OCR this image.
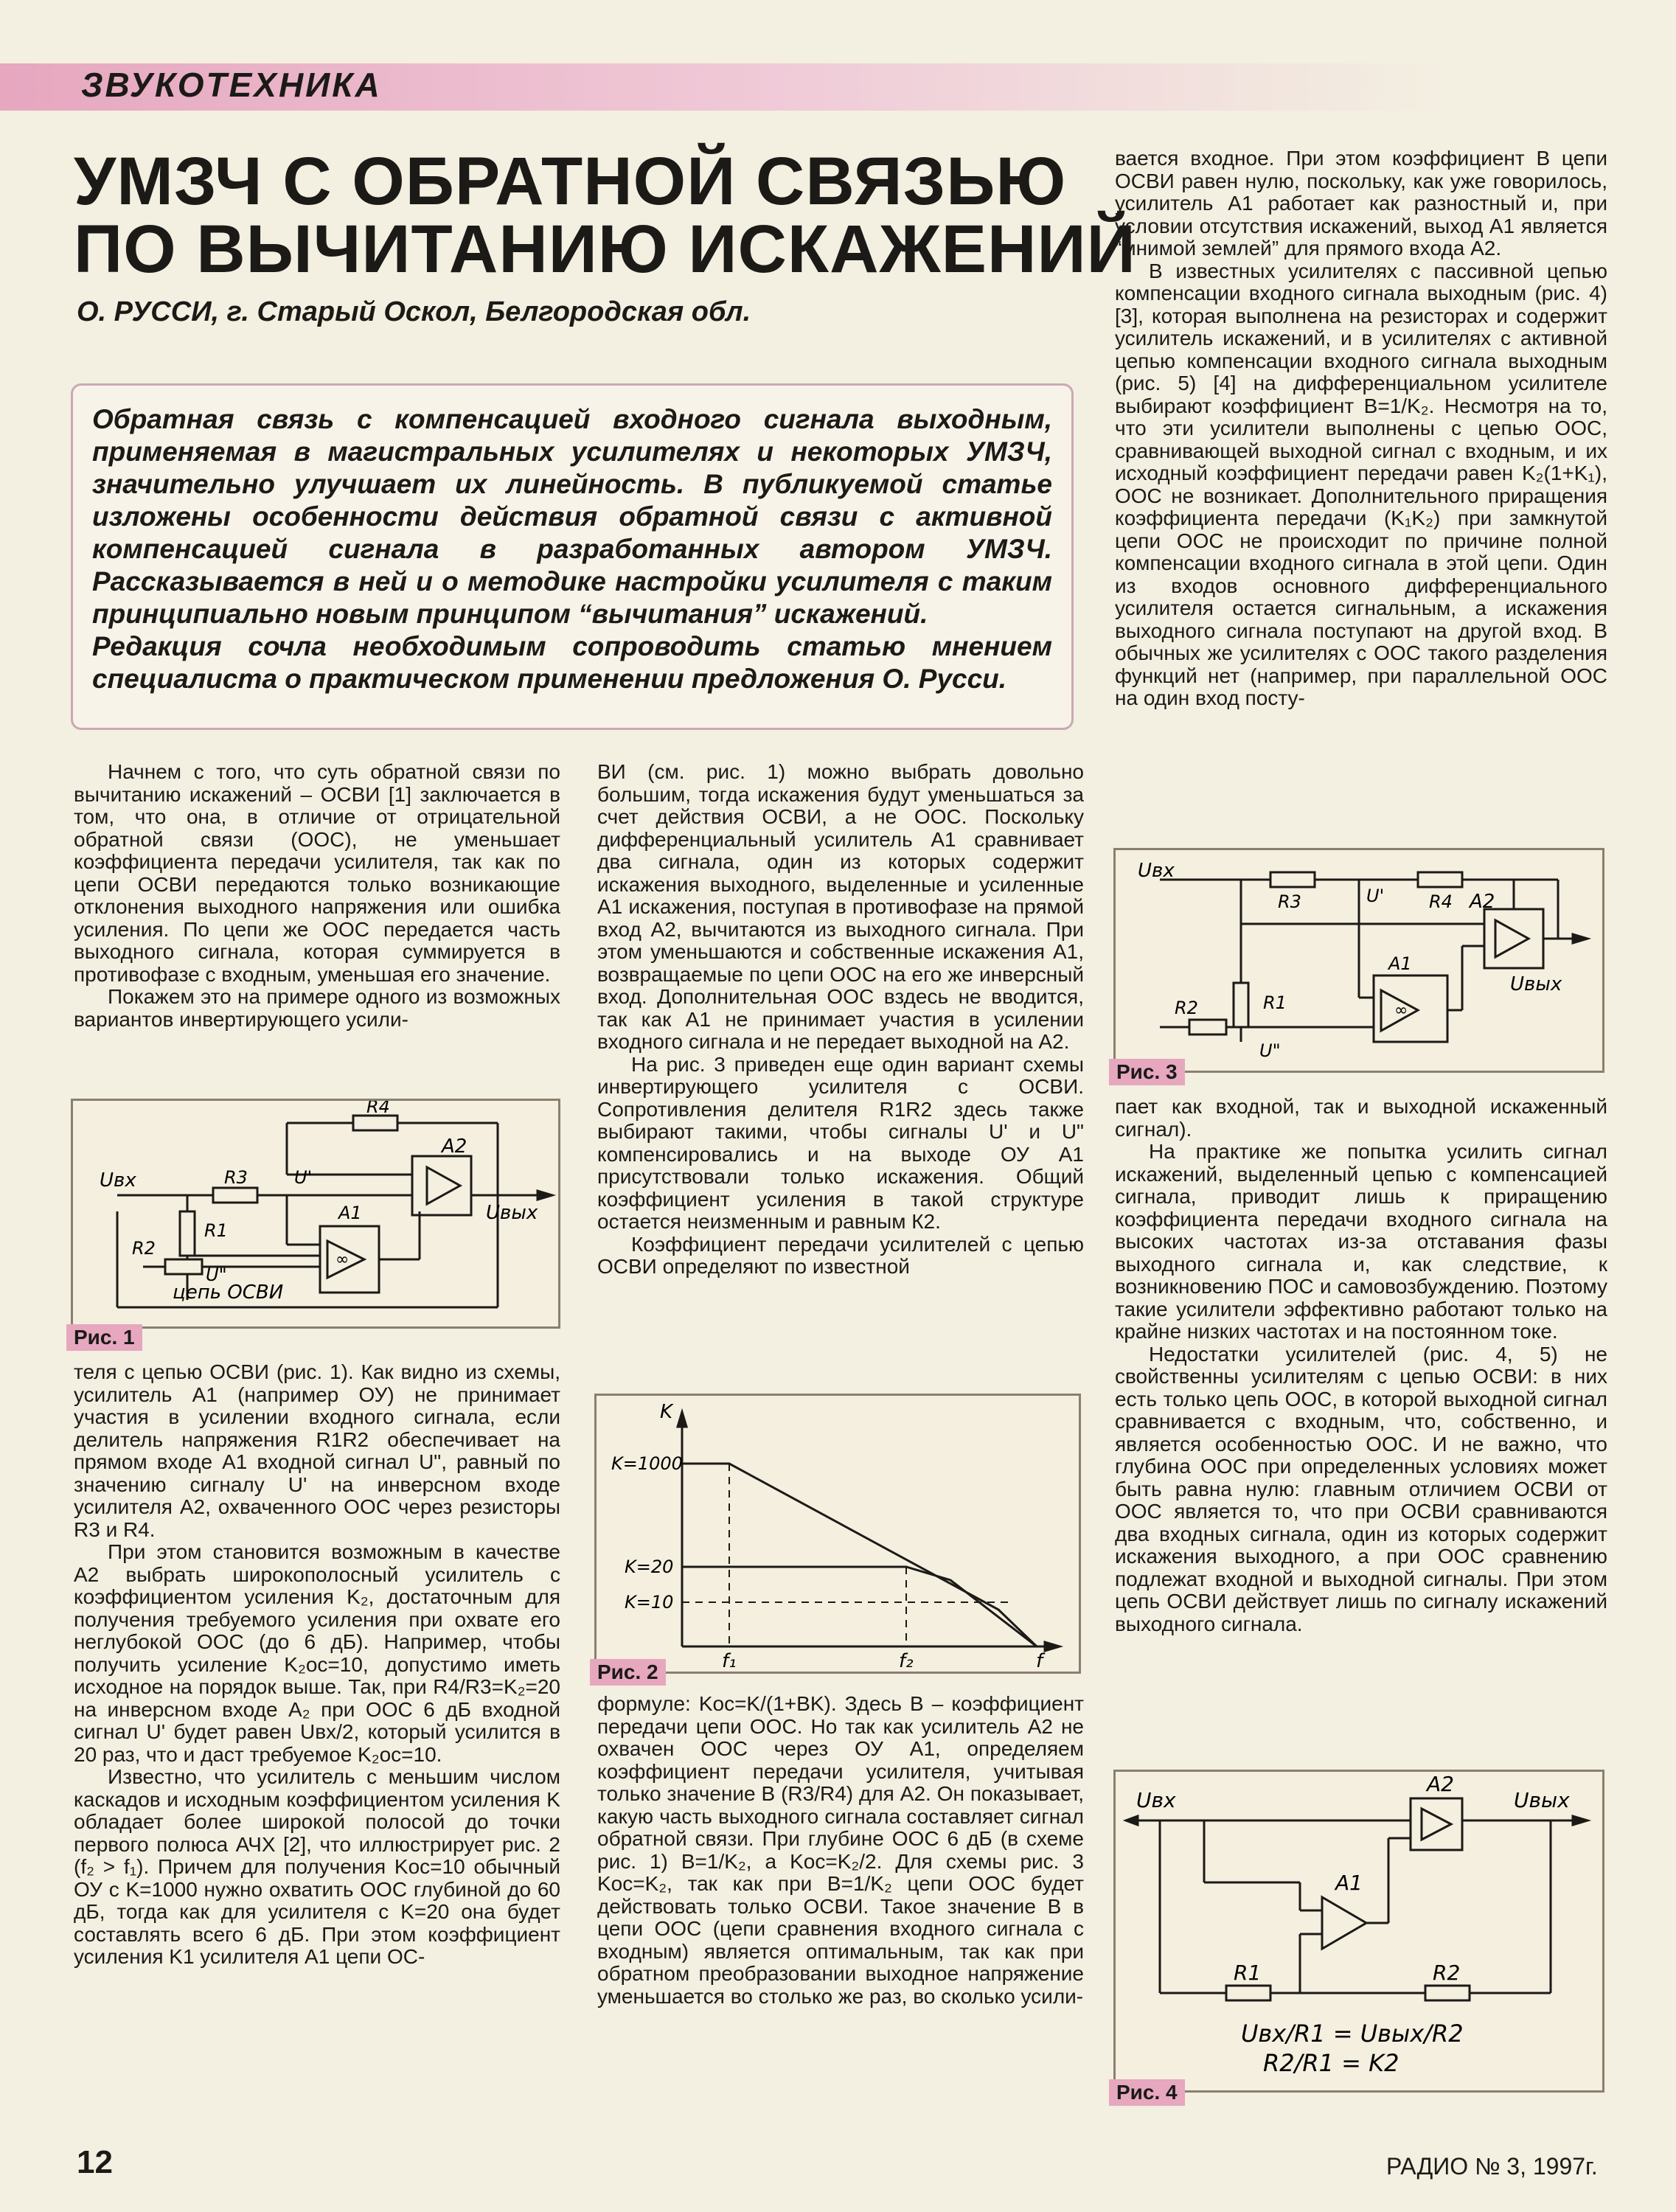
ЗВУКОТЕХНИКА
УМЗЧ С ОБРАТНОЙ СВЯЗЬЮ
ПО ВЫЧИТАНИЮ ИСКАЖЕНИЙ
О. РУССИ, г. Старый Оскол, Белгородская обл.

Обратная связь с компенсацией входного сигнала выходным, применяемая в магистральных усилителях и некоторых УМЗЧ, значительно улучшает их линейность. В публикуемой статье изложены особенности действия обратной связи с активной компенсацией сигнала в разработанных автором УМЗЧ. Рассказывается в ней и о методике настройки усилителя с таким принципиально новым принципом “вычитания” искажений.

Редакция сочла необходимым сопроводить статью мнением специалиста о практическом применении предложения О. Русси.

Начнем с того, что суть обратной связи по вычитанию искажений – ОСВИ [1] заключается в том, что она, в отличие от отрицательной обратной связи (ООС), не уменьшает коэффициента передачи усилителя, так как по цепи ОСВИ передаются только возникающие отклонения выходного напряжения или ошибка усиления. По цепи же ООС передается часть выходного сигнала, которая суммируется в противофазе с входным, уменьшая его значение.

Покажем это на примере одного из возможных вариантов инвертирующего усили-

R4
A2
R3	U'
Uвх
R1
A1
∞
Uвых
R2
U"
цепь ОСВИ
Рис. 1

теля с цепью ОСВИ (рис. 1). Как видно из схемы, усилитель А1 (например ОУ) не принимает участия в усилении входного сигнала, если делитель напряжения R1R2 обеспечивает на прямом входе А1 входной сигнал U", равный по значению сигналу U' на инверсном входе усилителя А2, охваченного ООС через резисторы R3 и R4.

При этом становится возможным в качестве А2 выбрать широкополосный усилитель с коэффициентом усиления K₂, достаточным для получения требуемого усиления при охвате его неглубокой ООС (до 6 дБ). Например, чтобы получить усиление K₂ос=10, допустимо иметь исходное на порядок выше. Так, при R4/R3=K₂=20 на инверсном входе A₂ при ООС 6 дБ входной сигнал U' будет равен Uвх/2, который усилится в 20 раз, что и даст требуемое K₂ос=10.

Известно, что усилитель с меньшим числом каскадов и исходным коэффициентом усиления K обладает более широкой полосой до точки первого полюса АЧХ [2], что иллюстрирует рис. 2 (f₂ > f₁). Причем для получения Kос=10 обычный ОУ с K=1000 нужно охватить ООС глубиной до 60 дБ, тогда как для усилителя с K=20 она будет составлять всего 6 дБ. При этом коэффициент усиления K1 усилителя А1 цепи ОС-

ВИ (см. рис. 1) можно выбрать довольно большим, тогда искажения будут уменьшаться за счет действия ОСВИ, а не ООС. Поскольку дифференциальный усилитель А1 сравнивает два сигнала, один из которых содержит искажения выходного, выделенные и усиленные А1 искажения, поступая в противофазе на прямой вход А2, вычитаются из выходного сигнала. При этом уменьшаются и собственные искажения А1, возвращаемые по цепи ООС на его же инверсный вход. Дополнительная ООС вздесь не вводится, так как А1 не принимает участия в усилении входного сигнала и не передает выходной на А2.

На рис. 3 приведен еще один вариант схемы инвертирующего усилителя с ОСВИ. Сопротивления делителя R1R2 здесь также выбирают такими, чтобы сигналы U' и U" компенсировались и на выходе ОУ А1 присутствовали только искажения. Общий коэффициент усиления в такой структуре остается неизменным и равным К2.

Коэффициент передачи усилителей с цепью ОСВИ определяют по известной

K
K=1000
K=20
K=10
f₁	f₂	f
Рис. 2

формуле: Kос=K/(1+BK). Здесь B – коэффициент передачи цепи ООС. Но так как усилитель А2 не охвачен ООС через ОУ А1, определяем коэффициент передачи усилителя, учитывая только значение B (R3/R4) для А2. Он показывает, какую часть выходного сигнала составляет сигнал обратной связи. При глубине ООС 6 дБ (в схеме рис. 1) B=1/K₂, а Kос=K₂/2. Для схемы рис. 3 Kос=K₂, так как при B=1/K₂ цепи ООС будет действовать только ОСВИ. Такое значение B в цепи ООС (цепи сравнения входного сигнала с входным) является оптимальным, так как при обратном преобразовании выходное напряжение уменьшается во столько же раз, во сколько усили-

вается входное. При этом коэффициент B цепи ОСВИ равен нулю, поскольку, как уже говорилось, усилитель А1 работает как разностный и, при условии отсутствия искажений, выход А1 является “мнимой землей” для прямого входа А2.

В известных усилителях с пассивной цепью компенсации входного сигнала выходным (рис. 4) [3], которая выполнена на резисторах и содержит усилитель искажений, и в усилителях с активной цепью компенсации входного сигнала выходным (рис. 5) [4] на дифференциальном усилителе выбирают коэффициент B=1/K₂. Несмотря на то, что эти усилители выполнены с цепью ООС, сравнивающей выходной сигнал с входным, и их исходный коэффициент передачи равен K₂(1+K₁), ООС не возникает. Дополнительного приращения коэффициента передачи (K₁K₂) при замкнутой цепи ООС не происходит по причине полной компенсации входного сигнала в этой цепи. Один из входов основного дифференциального усилителя остается сигнальным, а искажения выходного сигнала поступают на другой вход. В обычных же усилителях с ООС такого разделения функций нет (например, при параллельной ООС на один вход посту-

Uвх
R3	U'	R4 A2
R1
A1
∞
Uвых
R2
U"
Рис. 3

пает как входной, так и выходной искаженный сигнал).

На практике же попытка усилить сигнал искажений, выделенный цепью с компенсацией сигнала, приводит лишь к приращению коэффициента передачи входного сигнала на высоких частотах из-за отставания фазы выходного сигнала и, как следствие, к возникновению ПОС и самовозбуждению. Поэтому такие усилители эффективно работают только на крайне низких частотах и на постоянном токе.

Недостатки усилителей (рис. 4, 5) не свойственны усилителям с цепью ОСВИ: в них есть только цепь ООС, в которой выходной сигнал сравнивается с входным, что, собственно, и является особенностью ООС. И не важно, что глубина ООС при определенных условиях может быть равна нулю: главным отличием ОСВИ от ООС является то, что при ОСВИ сравниваются два входных сигнала, один из которых содержит искажения выходного, а при ООС сравнению подлежат входной и выходной сигналы. При этом цепь ОСВИ действует лишь по сигналу искажений выходного сигнала.

Uвх
A2
Uвых
A1
R1	R2
Uвх/R1 = Uвых/R2
R2/R1 = K2
Рис. 4
12	РАДИО № 3, 1997г.
